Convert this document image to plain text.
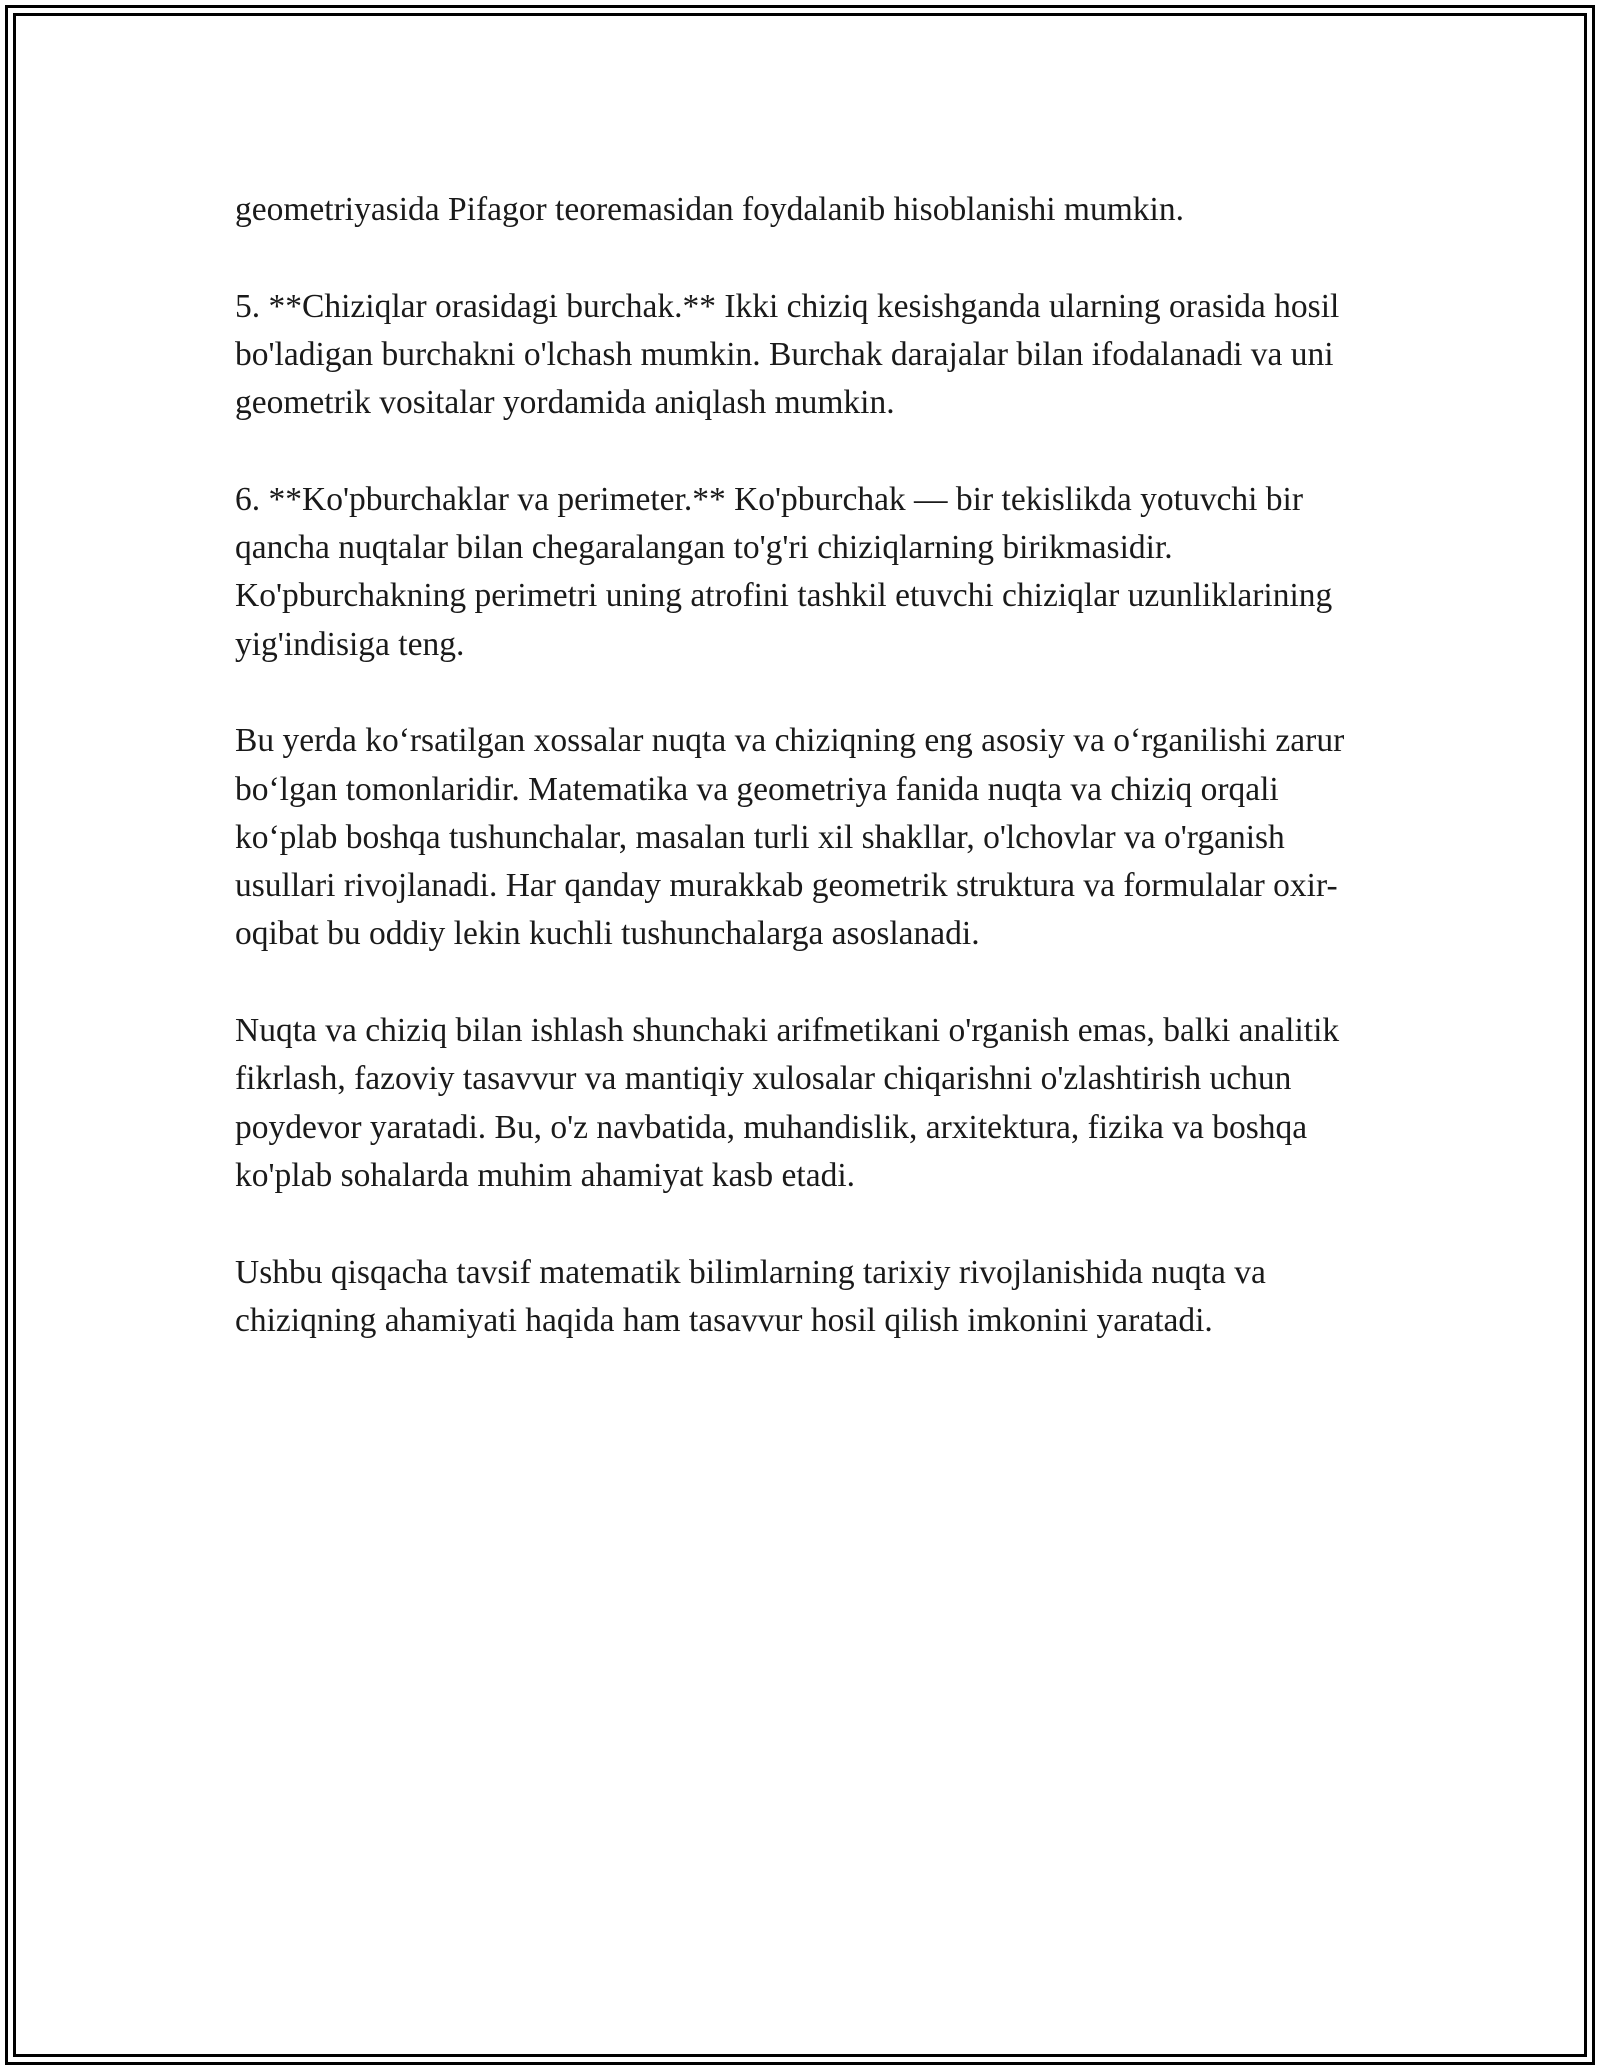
geometriyasida Pifagor teoremasidan foydalanib hisoblanishi mumkin.

5. **Chiziqlar orasidagi burchak.** Ikki chiziq kesishganda ularning orasida hosil bo'ladigan burchakni o'lchash mumkin. Burchak darajalar bilan ifodalanadi va uni geometrik vositalar yordamida aniqlash mumkin.

6. **Ko'pburchaklar va perimeter.** Ko'pburchak — bir tekislikda yotuvchi bir qancha nuqtalar bilan chegaralangan to'g'ri chiziqlarning birikmasidir. Ko'pburchakning perimetri uning atrofini tashkil etuvchi chiziqlar uzunliklarining yig'indisiga teng.

Bu yerda ko‘rsatilgan xossalar nuqta va chiziqning eng asosiy va o‘rganilishi zarur bo‘lgan tomonlaridir. Matematika va geometriya fanida nuqta va chiziq orqali ko‘plab boshqa tushunchalar, masalan turli xil shakllar, o'lchovlar va o'rganish usullari rivojlanadi. Har qanday murakkab geometrik struktura va formulalar oxir-oqibat bu oddiy lekin kuchli tushunchalarga asoslanadi.

Nuqta va chiziq bilan ishlash shunchaki arifmetikani o'rganish emas, balki analitik fikrlash, fazoviy tasavvur va mantiqiy xulosalar chiqarishni o'zlashtirish uchun poydevor yaratadi. Bu, o'z navbatida, muhandislik, arxitektura, fizika va boshqa ko'plab sohalarda muhim ahamiyat kasb etadi.

Ushbu qisqacha tavsif matematik bilimlarning tarixiy rivojlanishida nuqta va chiziqning ahamiyati haqida ham tasavvur hosil qilish imkonini yaratadi.
